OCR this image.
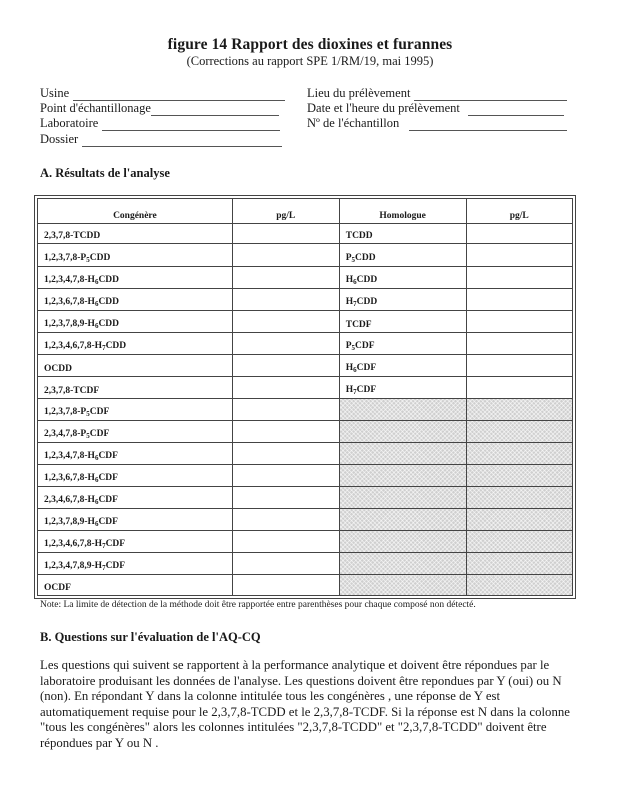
figure 14 Rapport des dioxines et furannes
(Corrections au rapport SPE 1/RM/19, mai 1995)
Usine
Point d'échantillonage
Laboratoire
Dossier
Lieu du prélèvement
Date et l'heure du prélèvement
Nº de l'échantillon
A. Résultats de l'analyse
Congénère	pg/L	Homologue	pg/L
2,3,7,8-TCDD		TCDD	
$1,2,3,7,8-P_5CDD$		$P_5CDD$	
$1,2,3,4,7,8-H_6CDD$		$H_6CDD$	
$1,2,3,6,7,8-H_6CDD$		$H_7CDD$	
$1,2,3,7,8,9-H_6CDD$		TCDF	
$1,2,3,4,6,7,8-H_7CDD$		$P_5CDF$	
OCDD		$H_6CDF$	
2,3,7,8-TCDF		$H_7CDF$	
$1,2,3,7,8-P_5CDF$			
$2,3,4,7,8-P_5CDF$			
$1,2,3,4,7,8-H_6CDF$			
$1,2,3,6,7,8-H_6CDF$			
$2,3,4,6,7,8-H_6CDF$			
$1,2,3,7,8,9-H_6CDF$			
$1,2,3,4,6,7,8-H_7CDF$			
$1,2,3,4,7,8,9-H_7CDF$			
OCDF			
Note: La limite de détection de la méthode doit être rapportée entre parenthèses pour chaque composé non détecté.
B. Questions sur l'évaluation de l'AQ-CQ
Les questions qui suivent se rapportent à la performance analytique et doivent être répondues par le laboratoire produisant les données de l'analyse. Les questions doivent être repondues par Y (oui) ou N (non). En répondant Y dans la colonne intitulée tous les congénères , une réponse de Y est automatiquement requise pour le 2,3,7,8-TCDD et le 2,3,7,8-TCDF. Si la réponse est N dans la colonne "tous les congénères" alors les colonnes intitulées "2,3,7,8-TCDD" et "2,3,7,8-TCDD" doivent être répondues par Y ou N .
